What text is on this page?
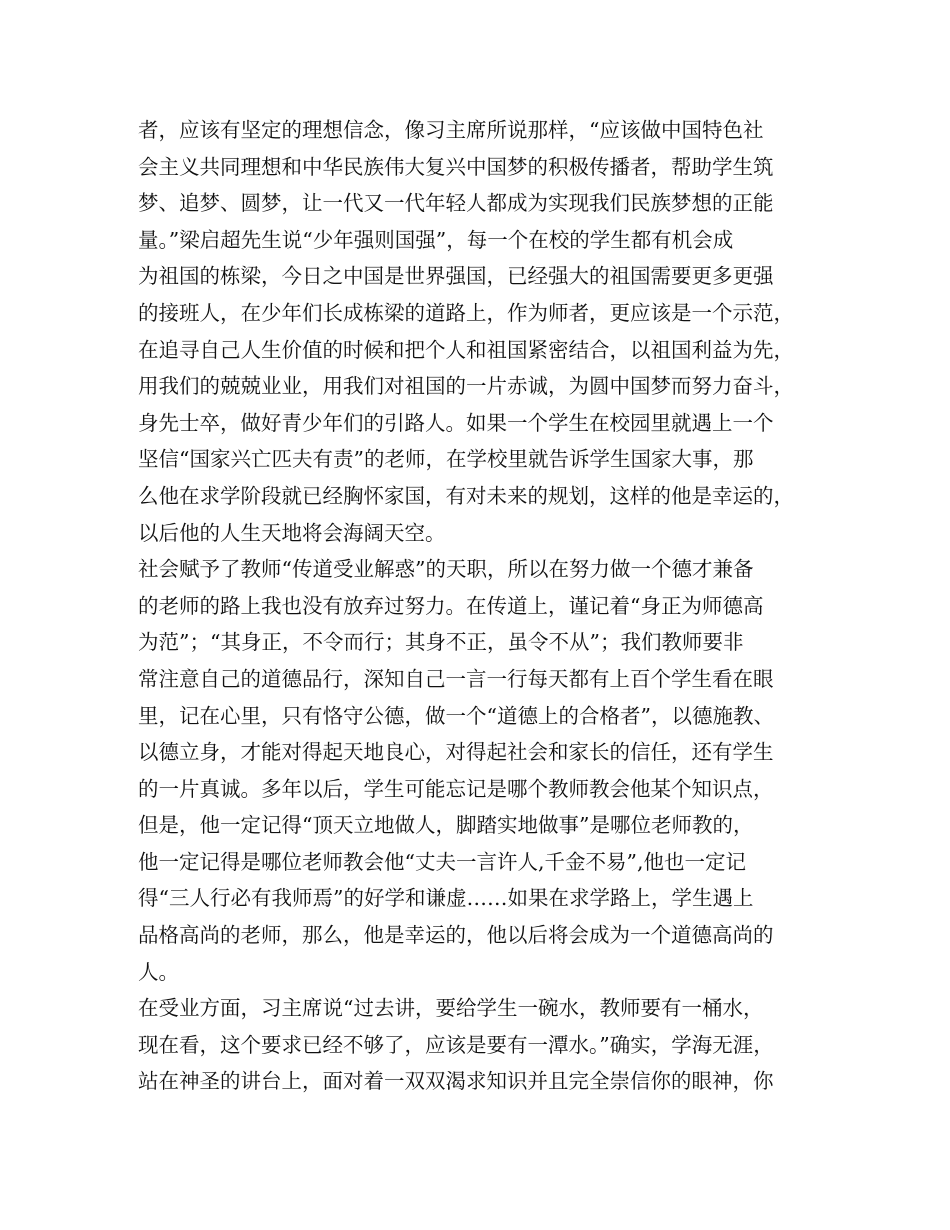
者，应该有坚定的理想信念，像习主席所说那样，“应该做中国特色社
会主义共同理想和中华民族伟大复兴中国梦的积极传播者，帮助学生筑
梦、追梦、圆梦，让一代又一代年轻人都成为实现我们民族梦想的正能
量。”梁启超先生说“少年强则国强”，每一个在校的学生都有机会成
为祖国的栋梁，今日之中国是世界强国，已经强大的祖国需要更多更强
的接班人，在少年们长成栋梁的道路上，作为师者，更应该是一个示范，
在追寻自己人生价值的时候和把个人和祖国紧密结合，以祖国利益为先，
用我们的兢兢业业，用我们对祖国的一片赤诚，为圆中国梦而努力奋斗，
身先士卒，做好青少年们的引路人。如果一个学生在校园里就遇上一个
坚信“国家兴亡匹夫有责”的老师，在学校里就告诉学生国家大事，那
么他在求学阶段就已经胸怀家国，有对未来的规划，这样的他是幸运的，
以后他的人生天地将会海阔天空。
社会赋予了教师“传道受业解惑”的天职，所以在努力做一个德才兼备
的老师的路上我也没有放弃过努力。在传道上，谨记着“身正为师德高
为范”；“其身正，不令而行；其身不正，虽令不从”；我们教师要非
常注意自己的道德品行，深知自己一言一行每天都有上百个学生看在眼
里，记在心里，只有恪守公德，做一个“道德上的合格者”，以德施教、
以德立身，才能对得起天地良心，对得起社会和家长的信任，还有学生
的一片真诚。多年以后，学生可能忘记是哪个教师教会他某个知识点，
但是，他一定记得“顶天立地做人，脚踏实地做事”是哪位老师教的，
他一定记得是哪位老师教会他“丈夫一言许人,千金不易”,他也一定记
得“三人行必有我师焉”的好学和谦虚……如果在求学路上，学生遇上
品格高尚的老师，那么，他是幸运的，他以后将会成为一个道德高尚的
人。
在受业方面，习主席说“过去讲，要给学生一碗水，教师要有一桶水，
现在看，这个要求已经不够了，应该是要有一潭水。”确实，学海无涯，
站在神圣的讲台上，面对着一双双渴求知识并且完全崇信你的眼神，你
